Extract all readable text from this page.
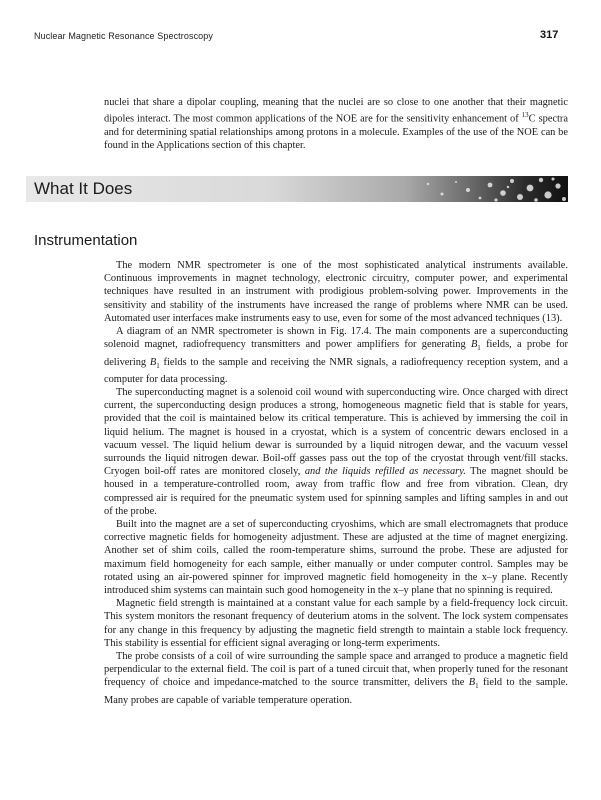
Nuclear Magnetic Resonance Spectroscopy	317

nuclei that share a dipolar coupling, meaning that the nuclei are so close to one another that their magnetic dipoles interact. The most common applications of the NOE are for the sensitivity enhancement of $^{13}$C spectra and for determining spatial relationships among protons in a molecule. Examples of the use of the NOE can be found in the Applications section of this chapter.

What It Does
Instrumentation

The modern NMR spectrometer is one of the most sophisticated analytical instruments available. Continuous improvements in magnet technology, electronic circuitry, computer power, and experimental techniques have resulted in an instrument with prodigious problem-solving power. Improvements in the sensitivity and stability of the instruments have increased the range of problems where NMR can be used. Automated user interfaces make instruments easy to use, even for some of the most advanced techniques (13).

A diagram of an NMR spectrometer is shown in Fig. 17.4. The main components are a superconducting solenoid magnet, radiofrequency transmitters and power amplifiers for generating $B_1$ fields, a probe for delivering $B_1$ fields to the sample and receiving the NMR signals, a radiofrequency reception system, and a computer for data processing.

The superconducting magnet is a solenoid coil wound with superconducting wire. Once charged with direct current, the superconducting design produces a strong, homogeneous magnetic field that is stable for years, provided that the coil is maintained below its critical temperature. This is achieved by immersing the coil in liquid helium. The magnet is housed in a cryostat, which is a system of concentric dewars enclosed in a vacuum vessel. The liquid helium dewar is surrounded by a liquid nitrogen dewar, and the vacuum vessel surrounds the liquid nitrogen dewar. Boil-off gasses pass out the top of the cryostat through vent/fill stacks. Cryogen boil-off rates are monitored closely, and the liquids refilled as necessary. The magnet should be housed in a temperature-controlled room, away from traffic flow and free from vibration. Clean, dry compressed air is required for the pneumatic system used for spinning samples and lifting samples in and out of the probe.

Built into the magnet are a set of superconducting cryoshims, which are small electromagnets that produce corrective magnetic fields for homogeneity adjustment. These are adjusted at the time of magnet energizing. Another set of shim coils, called the room-temperature shims, surround the probe. These are adjusted for maximum field homogeneity for each sample, either manually or under computer control. Samples may be rotated using an air-powered spinner for improved magnetic field homogeneity in the x–y plane. Recently introduced shim systems can maintain such good homogeneity in the x–y plane that no spinning is required.

Magnetic field strength is maintained at a constant value for each sample by a field-frequency lock circuit. This system monitors the resonant frequency of deuterium atoms in the solvent. The lock system compensates for any change in this frequency by adjusting the magnetic field strength to maintain a stable lock frequency. This stability is essential for efficient signal averaging or long-term experiments.

The probe consists of a coil of wire surrounding the sample space and arranged to produce a magnetic field perpendicular to the external field. The coil is part of a tuned circuit that, when properly tuned for the resonant frequency of choice and impedance-matched to the source transmitter, delivers the $B_1$ field to the sample. Many probes are capable of variable temperature operation.
